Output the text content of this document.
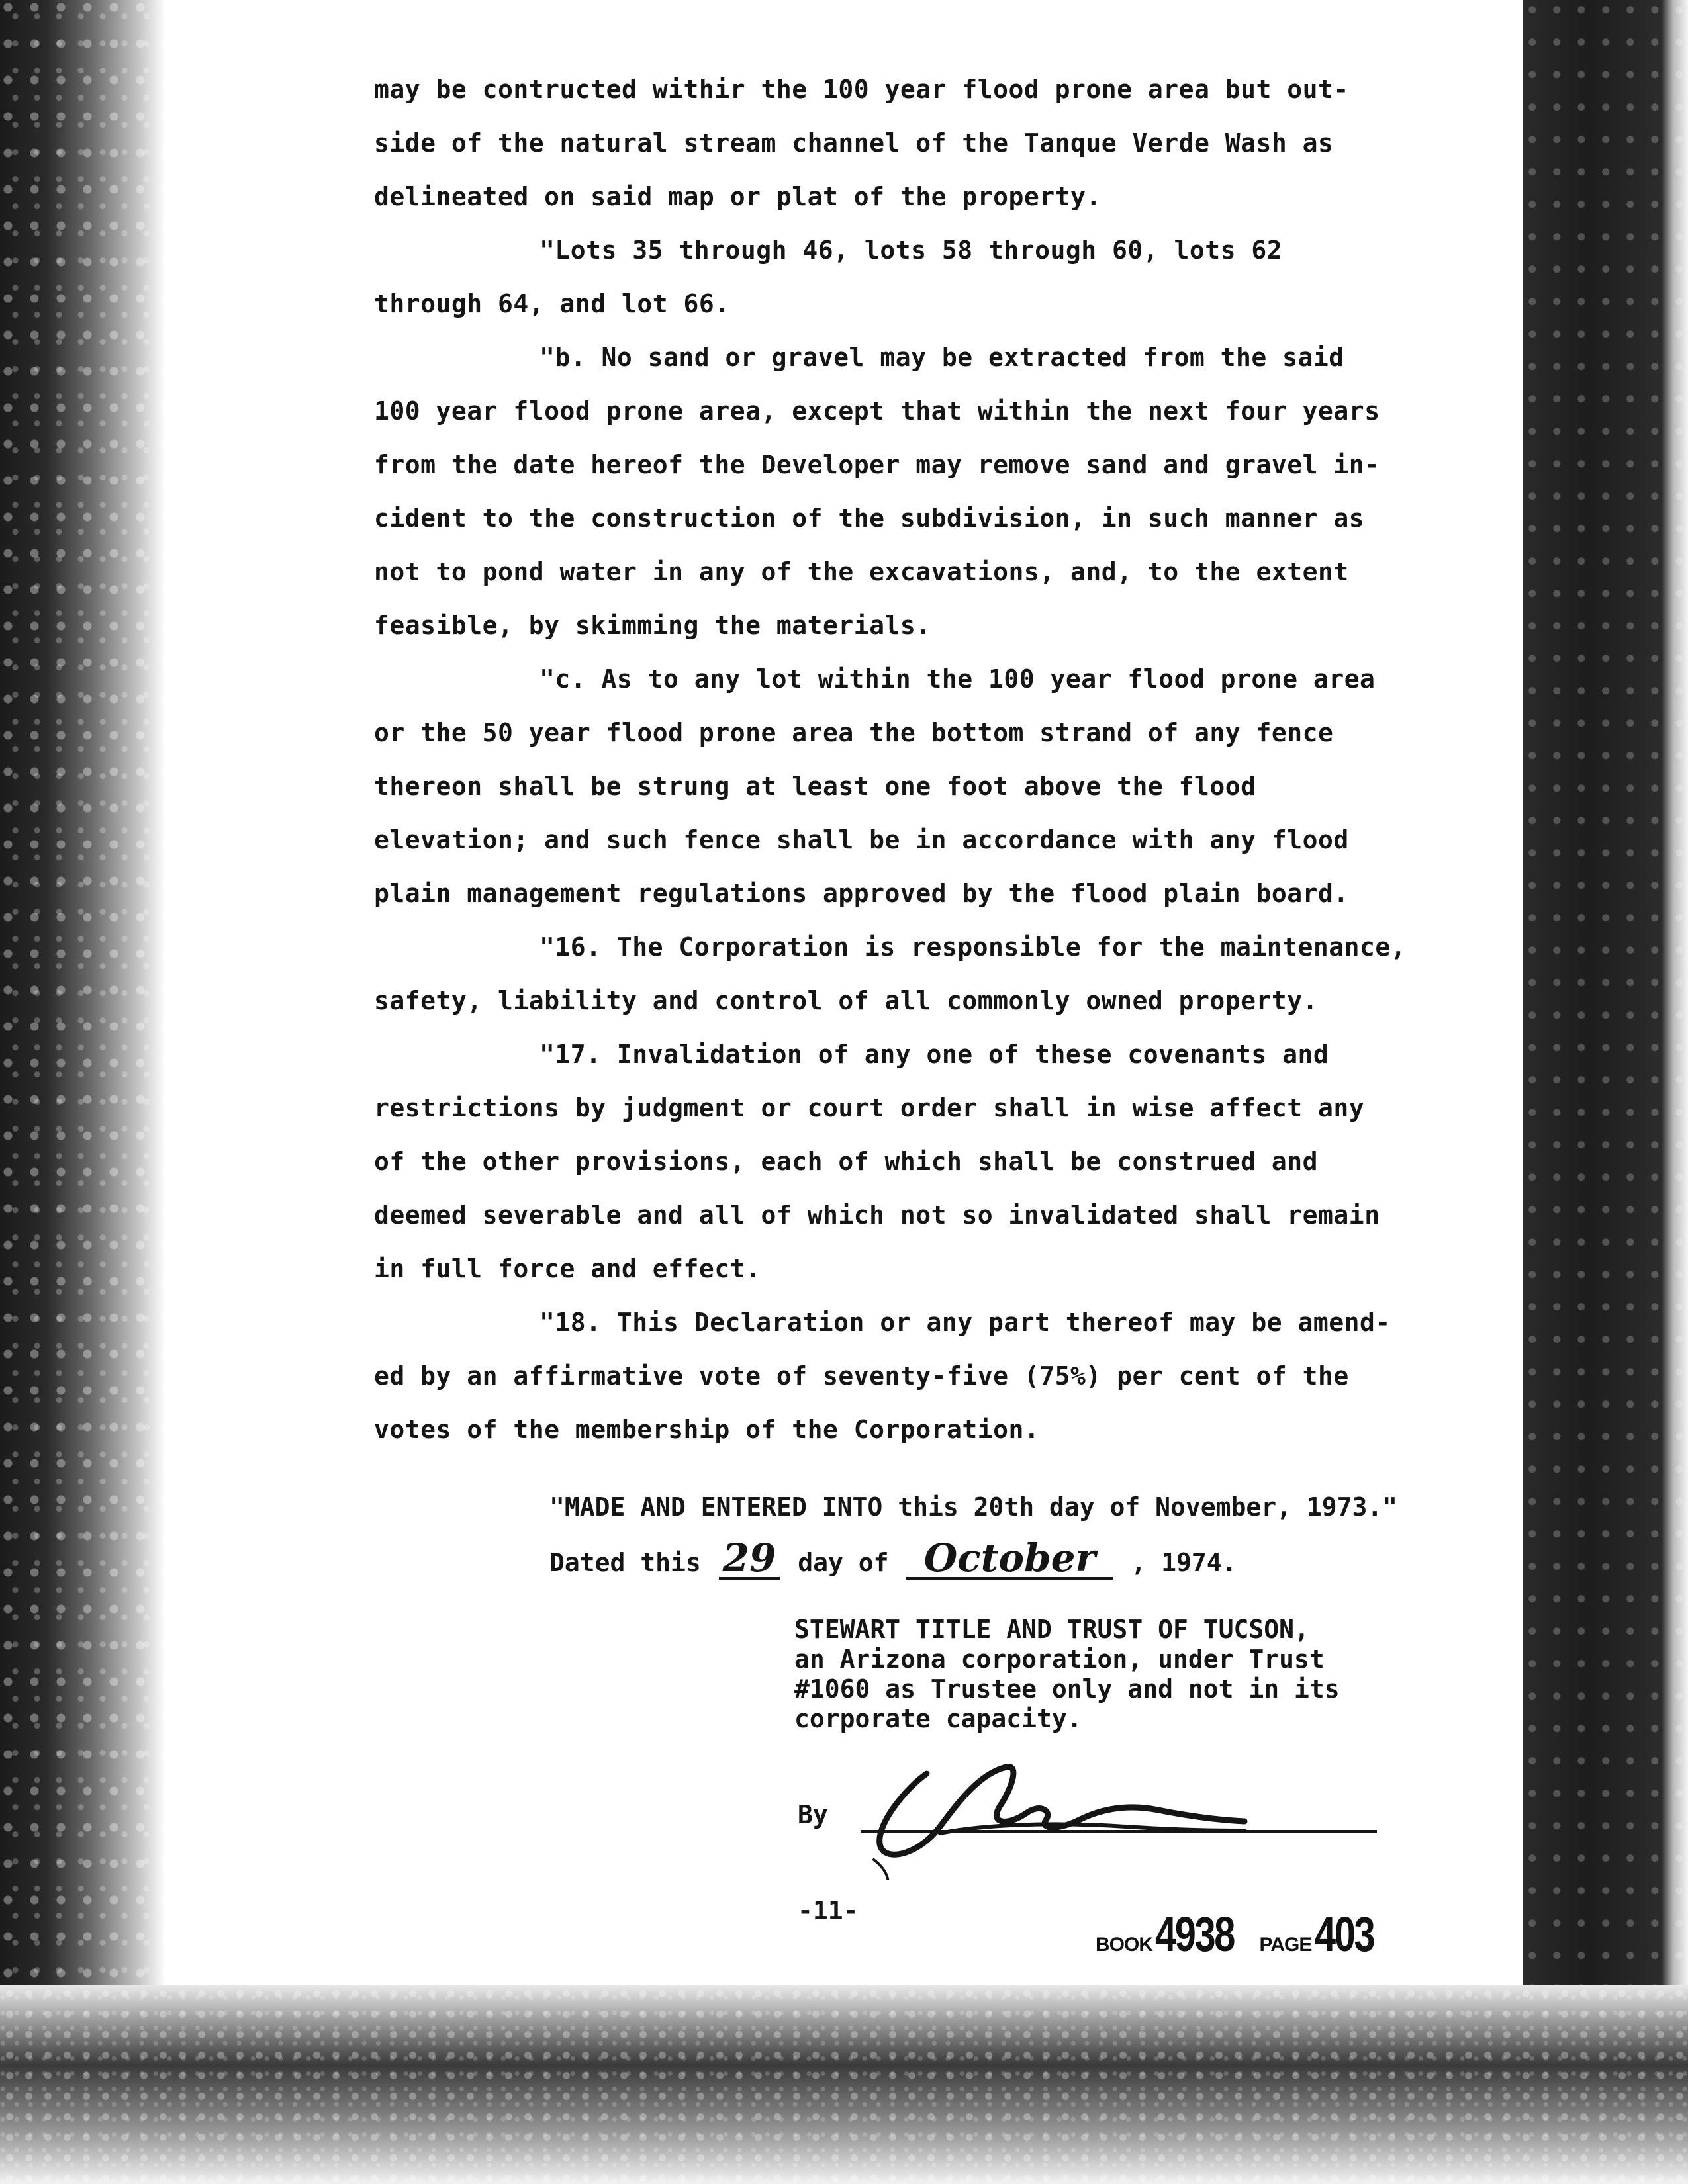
may be contructed withir the 100 year flood prone area but out-
side of the natural stream channel of the Tanque Verde Wash as
delineated on said map or plat of the property.

"Lots 35 through 46, lots 58 through 60, lots 62
through 64, and lot 66.

"b. No sand or gravel may be extracted from the said
100 year flood prone area, except that within the next four years
from the date hereof the Developer may remove sand and gravel in-
cident to the construction of the subdivision, in such manner as
not to pond water in any of the excavations, and, to the extent
feasible, by skimming the materials.

"c. As to any lot within the 100 year flood prone area
or the 50 year flood prone area the bottom strand of any fence
thereon shall be strung at least one foot above the flood
elevation; and such fence shall be in accordance with any flood
plain management regulations approved by the flood plain board.

"16. The Corporation is responsible for the maintenance,
safety, liability and control of all commonly owned property.

"17. Invalidation of any one of these covenants and
restrictions by judgment or court order shall in wise affect any
of the other provisions, each of which shall be construed and
deemed severable and all of which not so invalidated shall remain
in full force and effect.

"18. This Declaration or any part thereof may be amend-
ed by an affirmative vote of seventy-five (75%) per cent of the
votes of the membership of the Corporation.

"MADE AND ENTERED INTO this 20th day of November, 1973."
Dated this 29 day of October , 1974.
STEWART TITLE AND TRUST OF TUCSON,
an Arizona corporation, under Trust
#1060 as Trustee only and not in its
corporate capacity.
By
-11-
BOOK 4938 PAGE 403
